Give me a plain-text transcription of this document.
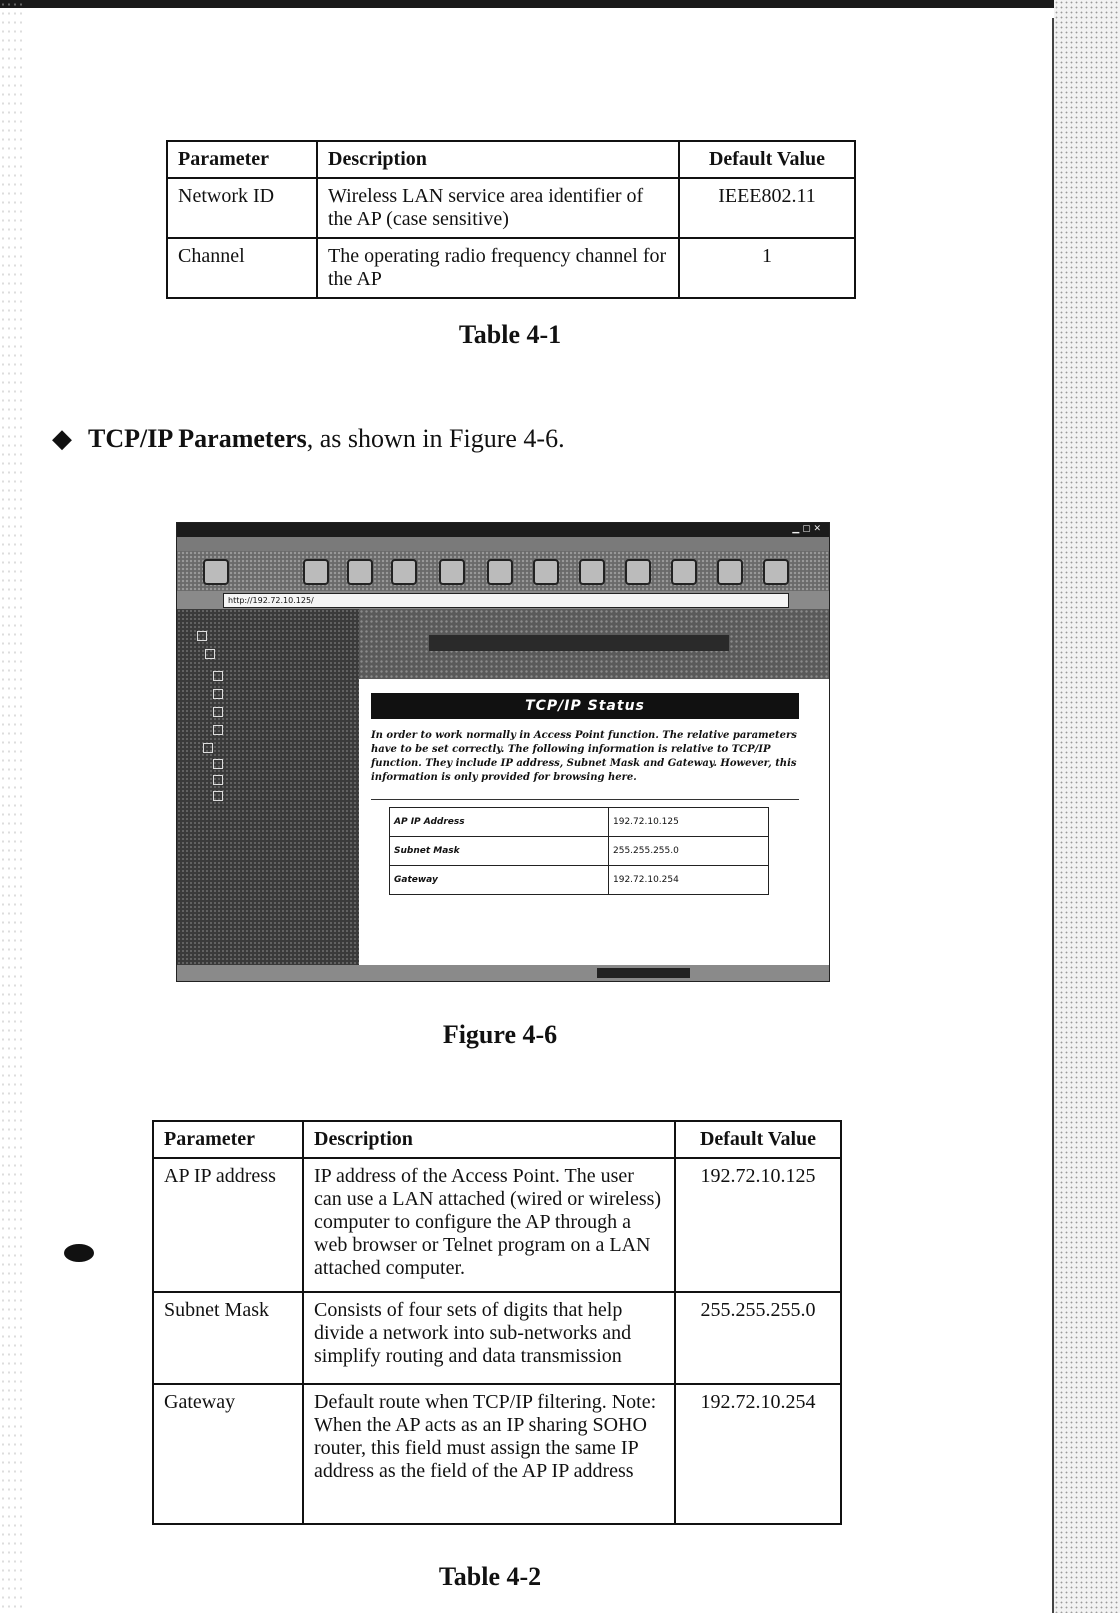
Parameter	Description	Default Value
Network ID	Wireless LAN service area identifier of the AP (case sensitive)	IEEE802.11
Channel	The operating radio frequency channel for the AP	1
Table 4-1
◆ TCP/IP Parameters, as shown in Figure 4-6.
▁ ▢ ✕
http://192.72.10.125/
TCP/IP Status
In order to work normally in Access Point function. The relative parameters have to be set correctly. The following information is relative to TCP/IP function. They include IP address, Subnet Mask and Gateway. However, this information is only provided for browsing here.
AP IP Address	192.72.10.125
Subnet Mask	255.255.255.0
Gateway	192.72.10.254
Figure 4-6
Parameter	Description	Default Value
AP IP address	IP address of the Access Point. The user can use a LAN attached (wired or wireless) computer to configure the AP through a web browser or Telnet program on a LAN attached computer.	192.72.10.125
Subnet Mask	Consists of four sets of digits that help divide a network into sub-networks and simplify routing and data transmission	255.255.255.0
Gateway	Default route when TCP/IP filtering. Note: When the AP acts as an IP sharing SOHO router, this field must assign the same IP address as the field of the AP IP address	192.72.10.254
Table 4-2
